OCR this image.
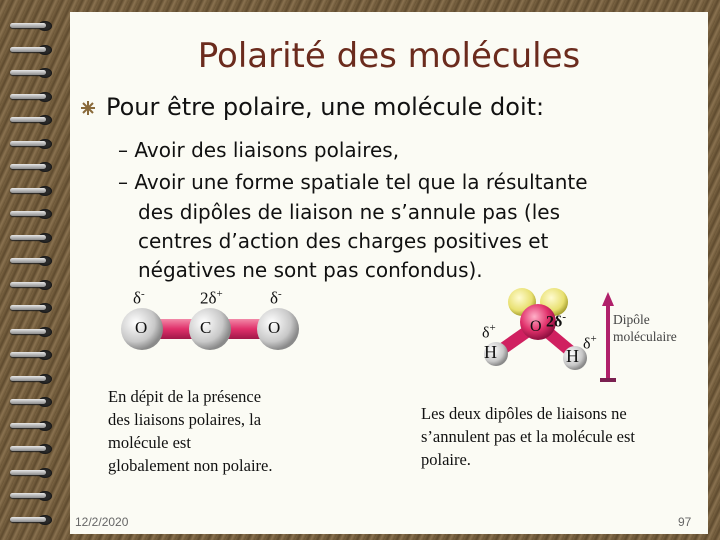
Polarité des molécules
Pour être polaire, une molécule doit:
– Avoir des liaisons polaires,
– Avoir une forme spatiale tel que la résultante
des dipôles de liaison ne s’annule pas (les
centres d’action des charges positives et
négatives ne sont pas confondus).
δ-	2δ+	δ-
O	C	O
En dépit de la présence
des liaisons polaires, la
molécule est
globalement non polaire.
δ+
H
O 2δ-
δ+
H
Dipôle
moléculaire
Les deux dipôles de liaisons ne
s’annulent pas et la molécule est
polaire.
12/2/2020	97
